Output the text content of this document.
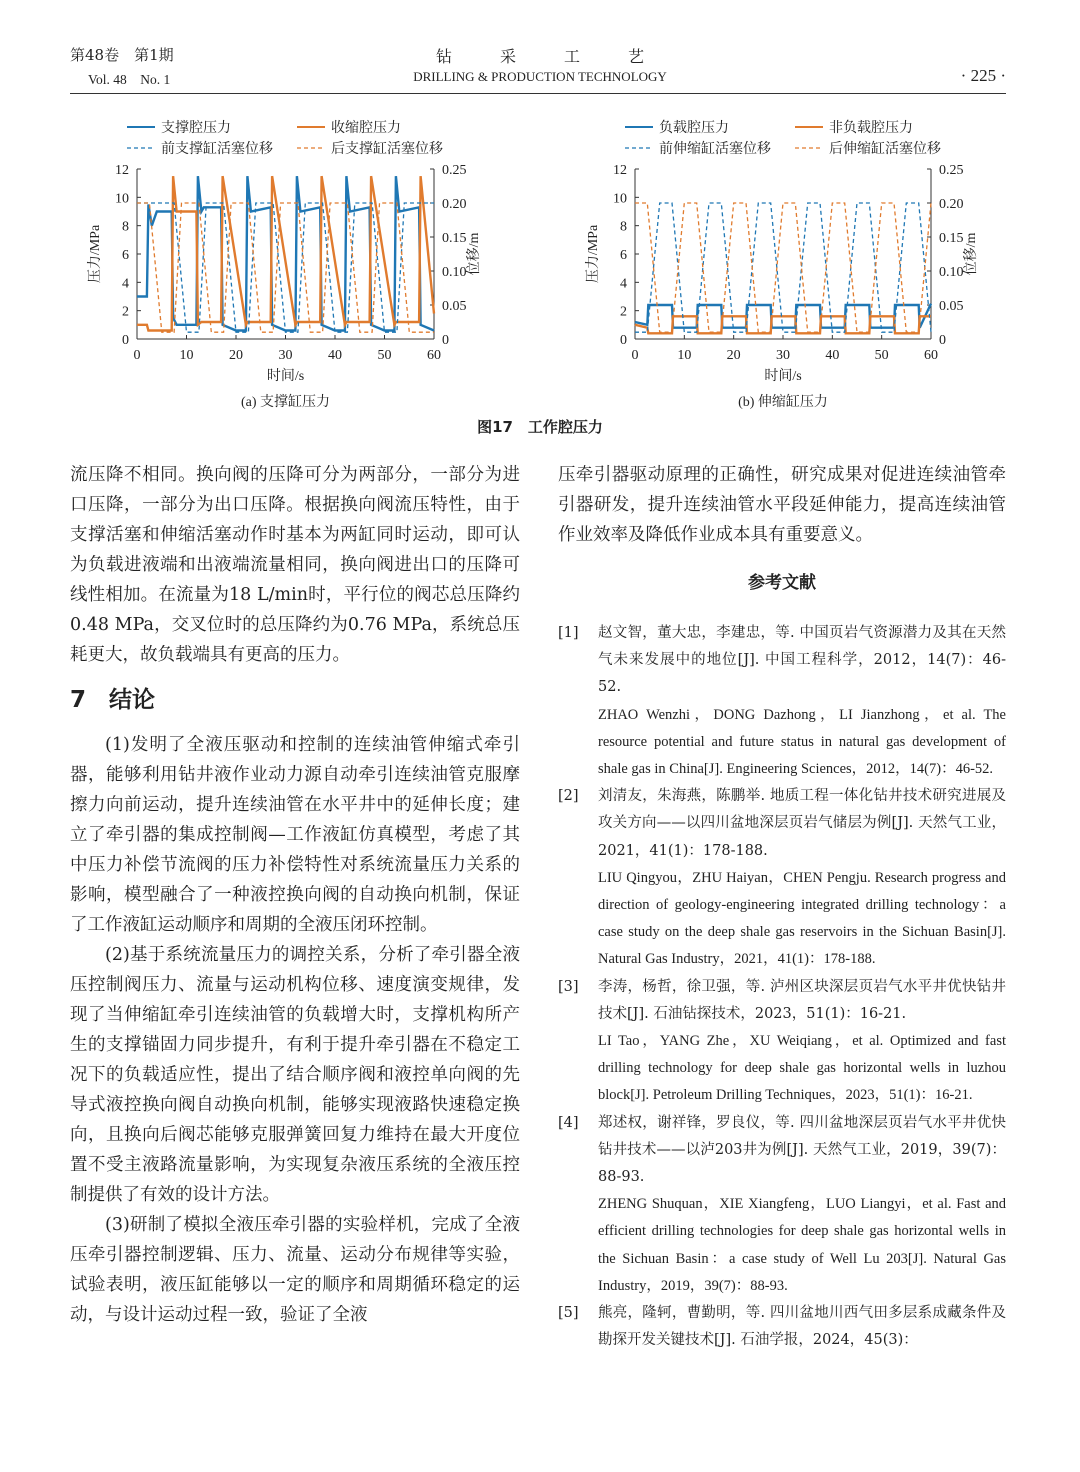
第48卷　第1期
Vol. 48　No. 1
钻　　　采　　　工　　　艺
DRILLING & PRODUCTION TECHNOLOGY	· 225 ·
0
2
4
6
8
10
12
0
0.05
0.10
0.15
0.20
0.25
0	10	20	30	40	50	60
压力/MPa	位移/m
时间/s
(a) 支撑缸压力
支撑腔压力	收缩腔压力
前支撑缸活塞位移	后支撑缸活塞位移
0
2
4
6
8
10
12
0
0.05
0.10
0.15
0.20
0.25
0	10	20	30	40	50	60
压力/MPa	位移/m
时间/s
(b) 伸缩缸压力
负载腔压力	非负载腔压力
前伸缩缸活塞位移	后伸缩缸活塞位移
图17　工作腔压力

流压降不相同。换向阀的压降可分为两部分，一部分为进口压降，一部分为出口压降。根据换向阀流压特性，由于支撑活塞和伸缩活塞动作时基本为两缸同时运动，即可认为负载进液端和出液端流量相同，换向阀进出口的压降可线性相加。在流量为18 L/min时，平行位的阀芯总压降约0.48 MPa，交叉位时的总压降约为0.76 MPa，系统总压耗更大，故负载端具有更高的压力。

7　结论

(1)发明了全液压驱动和控制的连续油管伸缩式牵引器，能够利用钻井液作业动力源自动牵引连续油管克服摩擦力向前运动，提升连续油管在水平井中的延伸长度；建立了牵引器的集成控制阀—工作液缸仿真模型，考虑了其中压力补偿节流阀的压力补偿特性对系统流量压力关系的影响，模型融合了一种液控换向阀的自动换向机制，保证了工作液缸运动顺序和周期的全液压闭环控制。

(2)基于系统流量压力的调控关系，分析了牵引器全液压控制阀压力、流量与运动机构位移、速度演变规律，发现了当伸缩缸牵引连续油管的负载增大时，支撑机构所产生的支撑锚固力同步提升，有利于提升牵引器在不稳定工况下的负载适应性，提出了结合顺序阀和液控单向阀的先导式液控换向阀自动换向机制，能够实现液路快速稳定换向，且换向后阀芯能够克服弹簧回复力维持在最大开度位置不受主液路流量影响，为实现复杂液压系统的全液压控制提供了有效的设计方法。

(3)研制了模拟全液压牵引器的实验样机，完成了全液压牵引器控制逻辑、压力、流量、运动分布规律等实验，试验表明，液压缸能够以一定的顺序和周期循环稳定的运动，与设计运动过程一致，验证了全液

压牵引器驱动原理的正确性，研究成果对促进连续油管牵引器研发，提升连续油管水平段延伸能力，提高连续油管作业效率及降低作业成本具有重要意义。

参考文献
[1]	赵文智，董大忠，李建忠，等. 中国页岩气资源潜力及其在天然气未来发展中的地位[J]. 中国工程科学，2012，14(7)：46-52.
ZHAO Wenzhi，DONG Dazhong，LI Jianzhong，et al. The resource potential and future status in natural gas development of shale gas in China[J]. Engineering Sciences，2012，14(7)：46-52.
[2]	刘清友，朱海燕，陈鹏举. 地质工程一体化钻井技术研究进展及攻关方向——以四川盆地深层页岩气储层为例[J]. 天然气工业，2021，41(1)：178-188.
LIU Qingyou，ZHU Haiyan，CHEN Pengju. Research progress and direction of geology-engineering integrated drilling technology：a case study on the deep shale gas reservoirs in the Sichuan Basin[J]. Natural Gas Industry，2021，41(1)：178-188.
[3]	李涛，杨哲，徐卫强，等. 泸州区块深层页岩气水平井优快钻井技术[J]. 石油钻探技术，2023，51(1)：16-21.
LI Tao，YANG Zhe，XU Weiqiang，et al. Optimized and fast drilling technology for deep shale gas horizontal wells in luzhou block[J]. Petroleum Drilling Techniques，2023，51(1)：16-21.
[4]	郑述权，谢祥锋，罗良仪，等. 四川盆地深层页岩气水平井优快钻井技术——以泸203井为例[J]. 天然气工业，2019，39(7)：88-93.
ZHENG Shuquan，XIE Xiangfeng，LUO Liangyi，et al. Fast and efficient drilling technologies for deep shale gas horizontal wells in the Sichuan Basin：a case study of Well Lu 203[J]. Natural Gas Industry，2019，39(7)：88-93.
[5]	熊亮，隆轲，曹勤明，等. 四川盆地川西气田多层系成藏条件及勘探开发关键技术[J]. 石油学报，2024，45(3)：
